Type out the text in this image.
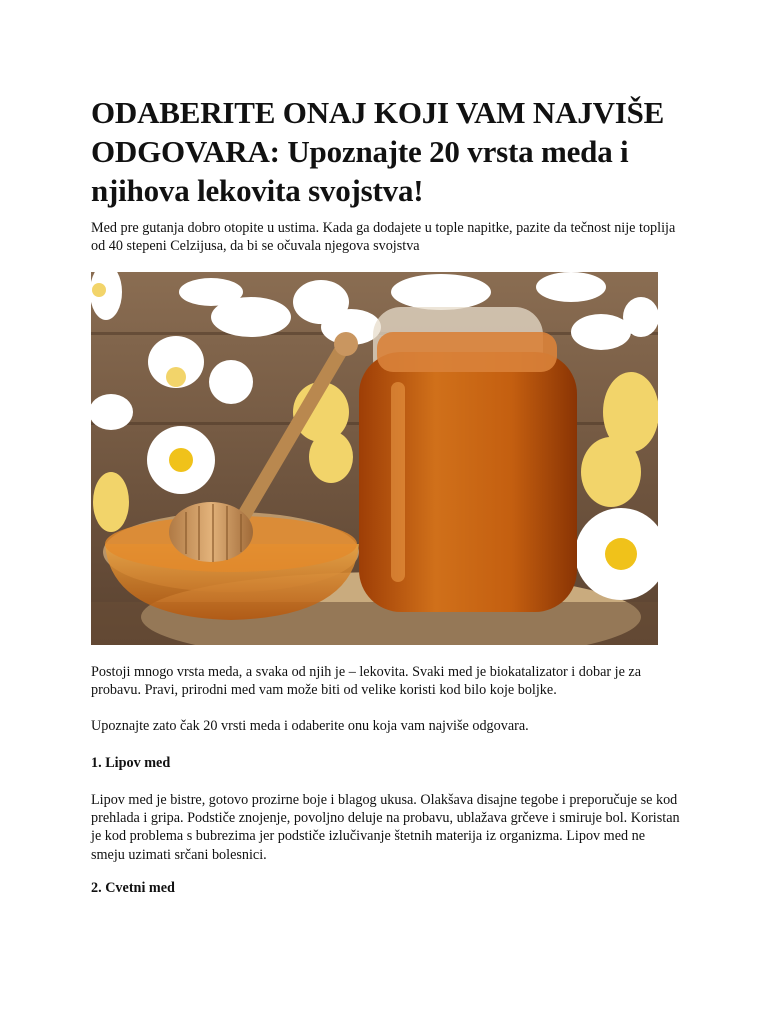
ODABERITE ONAJ KOJI VAM NAJVIŠE ODGOVARA: Upoznajte 20 vrsta meda i njihova lekovita svojstva!

Med pre gutanja dobro otopite u ustima. Kada ga dodajete u tople napitke, pazite da tečnost nije toplija od 40 stepeni Celzijusa, da bi se očuvala njegova svojstva

Postoji mnogo vrsta meda, a svaka od njih je – lekovita. Svaki med je biokatalizator i dobar je za probavu. Pravi, prirodni med vam može biti od velike koristi kod bilo koje boljke.

Upoznajte zato čak 20 vrsti meda i odaberite onu koja vam najviše odgovara.

1. Lipov med

Lipov med je bistre, gotovo prozirne boje i blagog ukusa. Olakšava disajne tegobe i preporučuje se kod prehlada i gripa. Podstiče znojenje, povoljno deluje na probavu, ublažava grčeve i smiruje bol. Koristan je kod problema s bubrezima jer podstiče izlučivanje štetnih materija iz organizma. Lipov med ne smeju uzimati srčani bolesnici.

2. Cvetni med
